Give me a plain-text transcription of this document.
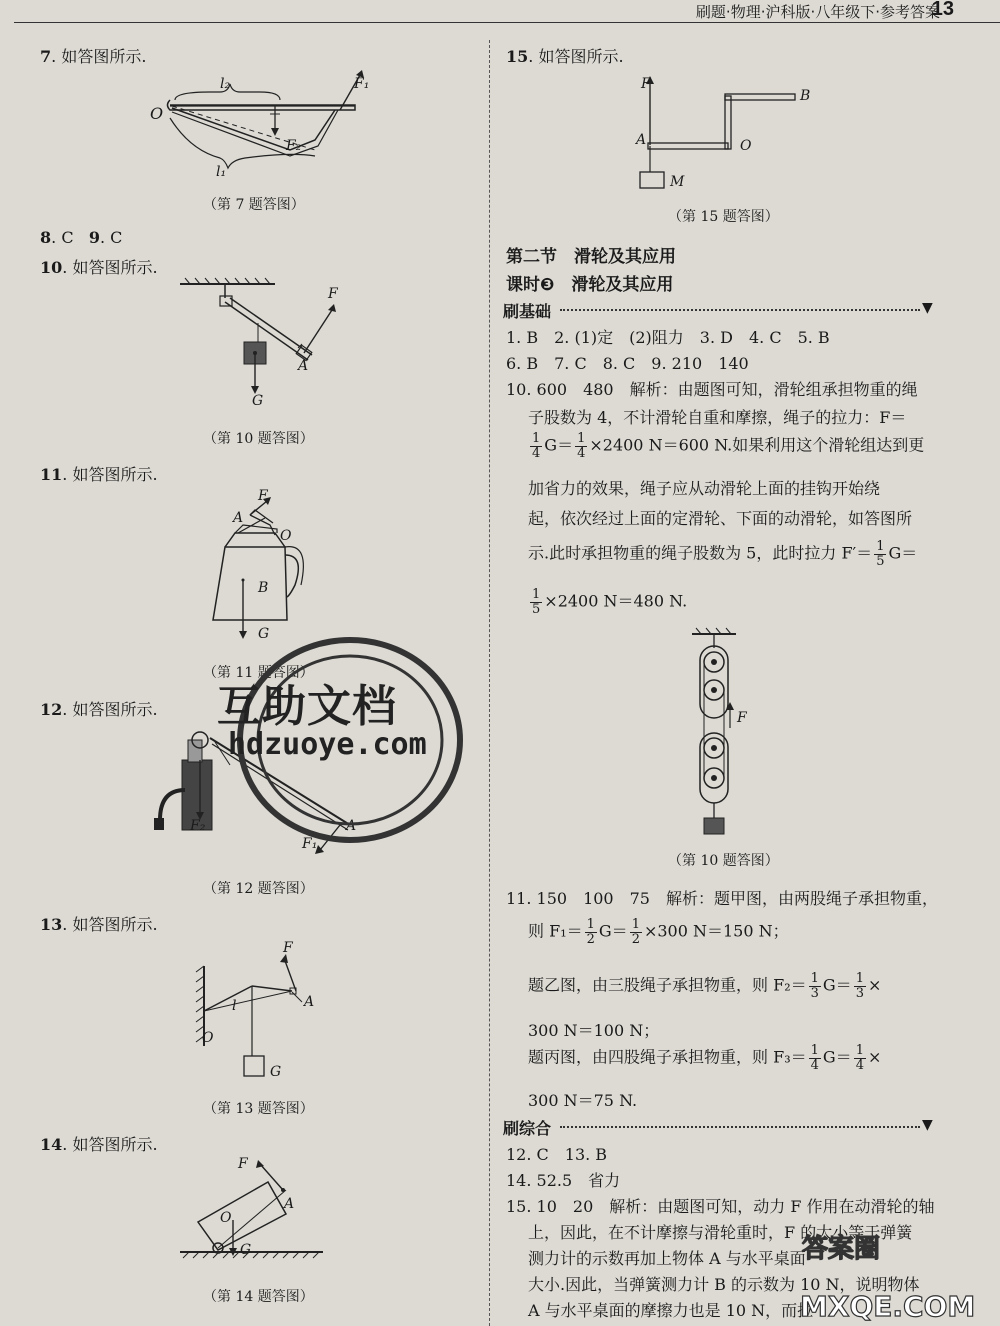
刷题·物理·沪科版·八年级下·参考答案
13
7. 如答图所示.
O
l₂
l₁
F₁
F₂
（第 7 题答图）
8. C 9. C
10. 如答图所示.
F
A
G
（第 10 题答图）
11. 如答图所示.
F
A
O
B
G
（第 11 题答图）
12. 如答图所示.
F₂
F₁
A
（第 12 题答图）
13. 如答图所示.
F
l	A
O
G
（第 13 题答图）
14. 如答图所示.
F
A
O
G
（第 14 题答图）
15. 如答图所示.
F
B
A	O
M
（第 15 题答图）
第二节　滑轮及其应用
课时❸　滑轮及其应用
刷基础	▼
1. B　2. (1)定　(2)阻力　3. D　4. C　5. B
6. B　7. C　8. C　9. 210　140
10. 600　480　解析：由题图可知，滑轮组承担物重的绳
子股数为 4，不计滑轮自重和摩擦，绳子的拉力：F＝
$\frac{1}{4} G= \frac{1}{4} \times 2400$ N＝600 N.如果利用这个滑轮组达到更
加省力的效果，绳子应从动滑轮上面的挂钩开始绕
起，依次经过上面的定滑轮、下面的动滑轮，如答图所
示.此时承担物重的绳子股数为 5，此时拉力 $F'= \frac{1}{5} G=$
$\frac{1}{5} \times 2400$ N＝480 N.
F
（第 10 题答图）
11. 150　100　75　解析：题甲图，由两股绳子承担物重，
则 $F_1= \frac{1}{2} G= \frac{1}{2} \times 300$ N＝150 N；
题乙图，由三股绳子承担物重，则 $F_2= \frac{1}{3} G= \frac{1}{3}$ ×
300 N＝100 N；
题丙图，由四股绳子承担物重，则 $F_3= \frac{1}{4} G= \frac{1}{4}$ ×
300 N＝75 N.
刷综合	▼
12. C　13. B
14. 52.5　省力
15. 10　20　解析：由题图可知，动力 F 作用在动滑轮的轴
上，因此，在不计摩擦与滑轮重时，F 的大小等于弹簧
测力计的示数再加上物体 A 与水平桌面
大小.因此，当弹簧测力计 B 的示数为 10 N，说明物体
A 与水平桌面的摩擦力也是 10 N，而拉
互助文档
hdzuoye.com
答案圈
MXQE.COM
